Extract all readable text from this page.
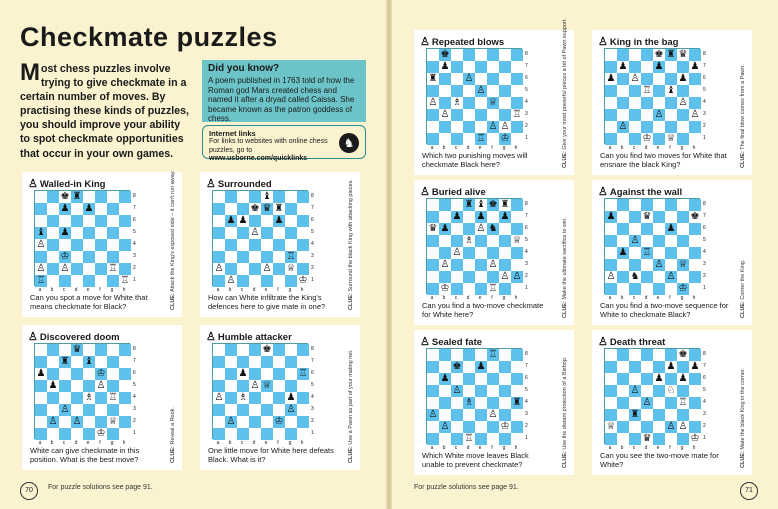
Checkmate puzzles
Most chess puzzles involve trying to give checkmate in a certain number of moves. By practising these kinds of puzzles, you should improve your ability to spot checkmate opportunities that occur in your own games.
Did you know?
A poem published in 1763 told of how the Roman god Mars created chess and named it after a dryad called Caissa. She became known as the patron goddess of chess.
Internet links
For links to websites with online chess puzzles, go to www.usborne.com/quicklinks
♞
70	For puzzle solutions see page 91.	For puzzle solutions see page 91.	71
♙ Walled-in King
♚ ♜
♟ ♟
♝ ♟
♙
♔
♙ ♙	♖
♖	♖
8
7
6
5
4
3
2
1
a	b	c	d	e	f	g	h
Can you spot a move for White that means checkmate for Black?	CLUE: Attack the King's exposed side – it can't run away.	♙ Surrounded
♝
♚ ♛ ♜
♟ ♟	♟
♙
♖
♙	♙ ♕
♙	♔
8
7
6
5
4
3
2
1
a	b	c	d	e	f	g	h
How can White infiltrate the King's defences here to give mate in one?	CLUE: Surround the black King with attacking pieces.
♙ Discovered doom
♛
♜ ♝
♟	♔
♟	♙
♗ ♖
♙
♙ ♙	♕
♔
8
7
6
5
4
3
2
1
a	b	c	d	e	f	g	h
White can give checkmate in this position. What is the best move?	CLUE: Reveal a Rook.
♙ Humble attacker
♚
♟	♖
♙ ♕
♙ ♗	♟
♙
♙	♔
8
7
6
5
4
3
2
1
a	b	c	d	e	f	g	h
One little move for White here defeats Black. What is it?	CLUE: Use a Pawn as part of your mating net.
♙ Repeated blows
♚
♟
♜	♙
♙
♙ ♗	♕
♙	♖
♙ ♙
♖ ♔
8
7
6
5
4
3
2
1
a	b	c	d	e	f	g	h
Which two punishing moves will checkmate Black here?	CLUE: Give your most powerful pieces a bit of Pawn support.	♙ King in the bag
♚ ♜ ♛
♟	♟	♟
♟ ♙	♟
♖ ♝
♙
♙	♙
♙
♔ ♕
8
7
6
5
4
3
2
1
a	b	c	d	e	f	g	h
Can you find two moves for White that ensnare the black King?	CLUE: The final blow comes from a Pawn.
♙ Buried alive
♜ ♝ ♚ ♜
♟ ♟ ♟
♛ ♟	♙ ♞
♗	♕
♙
♙	♙
♙ ♙
♔	♖
8
7
6
5
4
3
2
1
a	b	c	d	e	f	g	h
Can you find a two-move checkmate for White here?	CLUE: Make the ultimate sacrifice to win.
♙ Against the wall
♟	♛	♚
♟
♙
♟ ♖
♙ ♕
♙ ♞	♙
♔
8
7
6
5
4
3
2
1
a	b	c	d	e	f	g	h
Can you find a two-move sequence for White to checkmate Black?	CLUE: Corner the King.
♙ Sealed fate
♖
♚ ♟
♟
♙
♗	♜
♙	♙
♙	♔
♖
8
7
6
5
4
3
2
1
a	b	c	d	e	f	g	h
Which White move leaves Black unable to prevent checkmate?	CLUE: Use the distant protection of a Bishop.
♙ Death threat
♚
♟ ♟
♟ ♟
♙	♘
♙	♖
♜
♕	♙ ♙
♛	♔
8
7
6
5
4
3
2
1
a	b	c	d	e	f	g	h
Can you see the two-move mate for White?	CLUE: Mate the black King in the corner.
